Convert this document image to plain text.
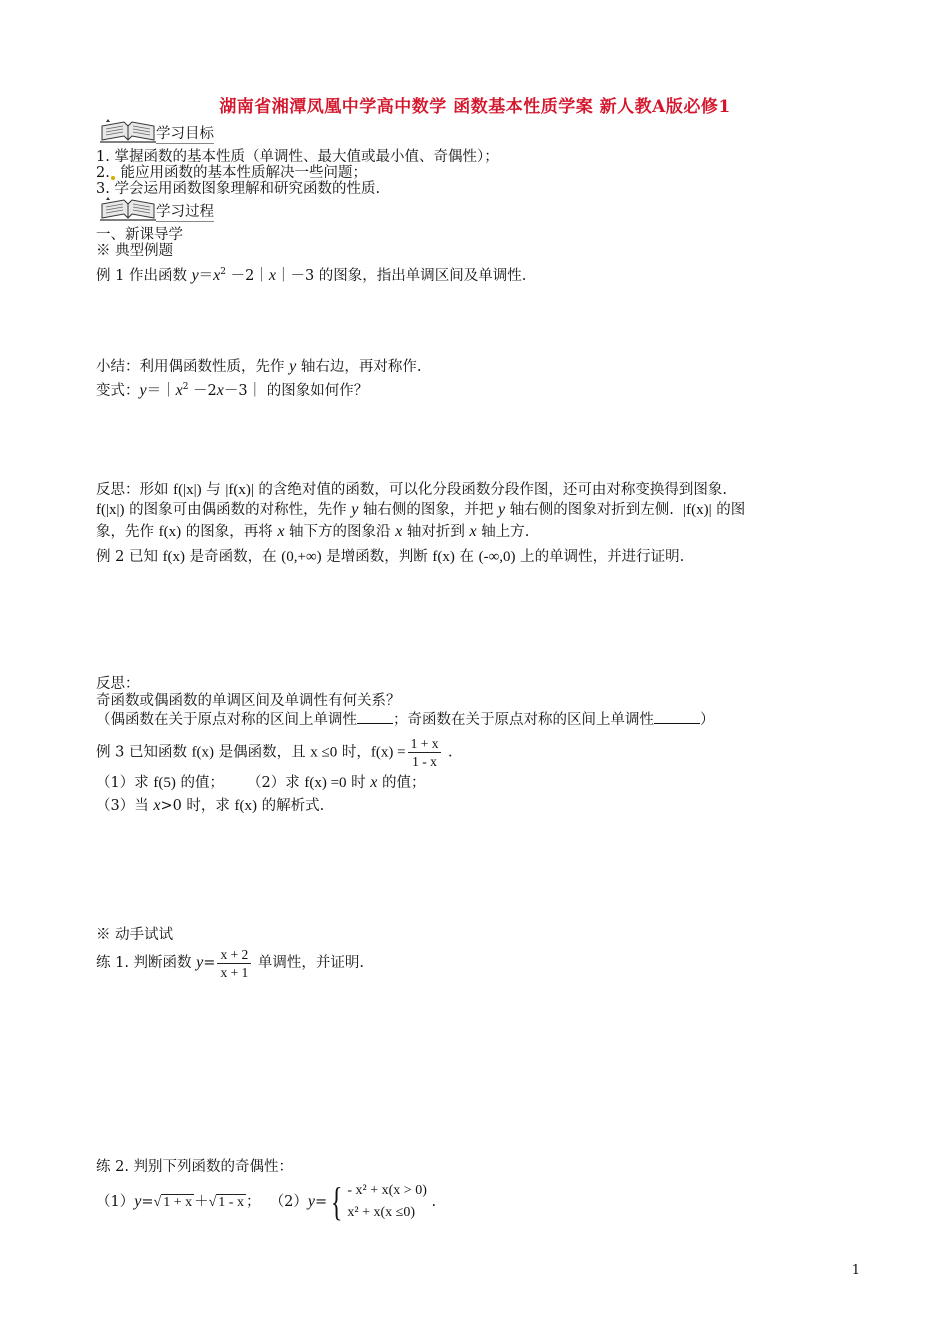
湖南省湘潭凤凰中学高中数学 函数基本性质学案 新人教A版必修1
学习目标
1. 掌握函数的基本性质（单调性、最大值或最小值、奇偶性）；
2. 能应用函数的基本性质解决一些问题；
3. 学会运用函数图象理解和研究函数的性质.
学习过程
一、新课导学
※ 典型例题
例 1 作出函数 $y=x^2$ －2｜x｜－3 的图象，指出单调区间及单调性.
小结：利用偶函数性质，先作 y 轴右边，再对称作.
变式：$y=|x^2$ －2x－3｜ 的图象如何作？
反思：形如 f(|x|) 与 |f(x)| 的含绝对值的函数，可以化分段函数分段作图，还可由对称变换得到图象.
f(|x|) 的图象可由偶函数的对称性，先作 y 轴右侧的图象，并把 y 轴右侧的图象对折到左侧. |f(x)| 的图
象，先作 f(x) 的图象，再将 x 轴下方的图象沿 x 轴对折到 x 轴上方.
例 2 已知 f(x) 是奇函数，在 (0,+∞) 是增函数，判断 f(x) 在 (-∞,0) 上的单调性，并进行证明.
反思：
奇函数或偶函数的单调区间及单调性有何关系？
（偶函数在关于原点对称的区间上单调性 ；奇函数在关于原点对称的区间上单调性	）
例 3 已知函数 f(x) 是偶函数，且 x ≤0 时，$f(x) = \frac{1 + x}{1 - x}$ .
（1）求 f(5) 的值； （2）求 f(x) =0 时 x 的值；
（3）当 x>0 时，求 f(x) 的解析式.
※ 动手试试
练 1. 判断函数 $y= \frac{x + 2}{x + 1}$ 单调性，并证明.
练 2. 判别下列函数的奇偶性：
（1）y=√ 1 + x ＋√ 1 - x ； （2）y= { - x² + x(x > 0)
x² + x(x ≤0)
.
1
